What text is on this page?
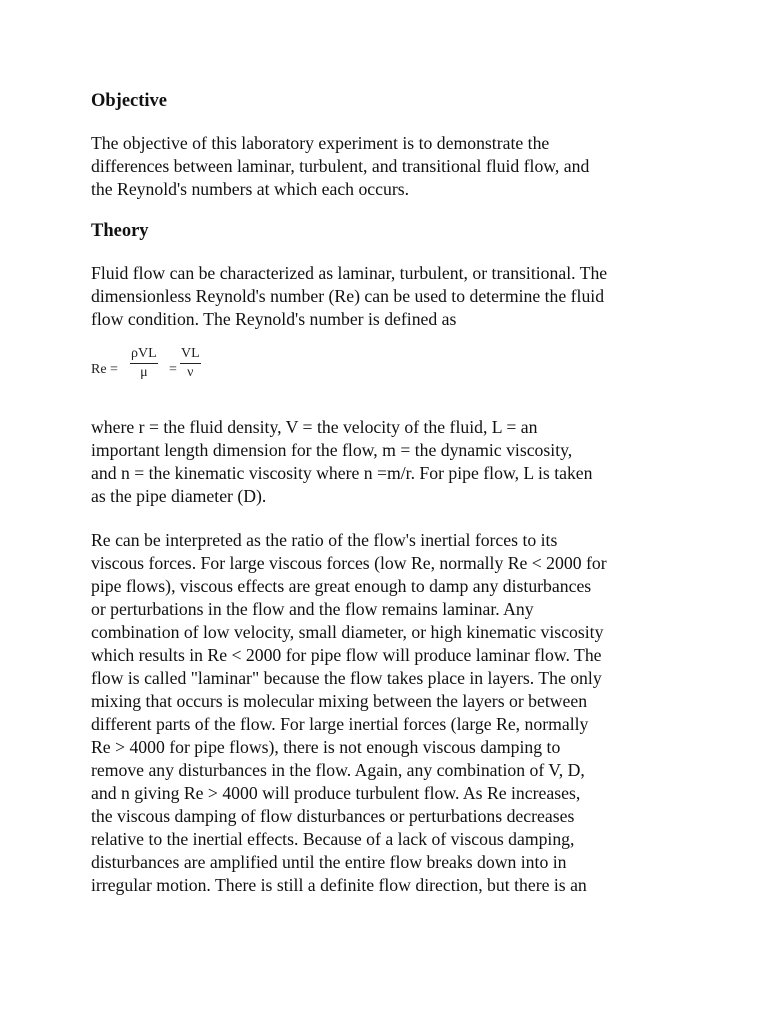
Objective

The objective of this laboratory experiment is to demonstrate the
differences between laminar, turbulent, and transitional fluid flow, and
the Reynold's numbers at which each occurs.

Theory

Fluid flow can be characterized as laminar, turbulent, or transitional. The
dimensionless Reynold's number (Re) can be used to determine the fluid
flow condition. The Reynold's number is defined as

Re =
ρVL
μ	= $\frac{VL}{\nu}$

where r = the fluid density, V = the velocity of the fluid, L = an
important length dimension for the flow, m = the dynamic viscosity,
and n = the kinematic viscosity where n =m/r. For pipe flow, L is taken
as the pipe diameter (D).

Re can be interpreted as the ratio of the flow's inertial forces to its
viscous forces. For large viscous forces (low Re, normally Re < 2000 for
pipe flows), viscous effects are great enough to damp any disturbances
or perturbations in the flow and the flow remains laminar. Any
combination of low velocity, small diameter, or high kinematic viscosity
which results in Re < 2000 for pipe flow will produce laminar flow. The
flow is called "laminar" because the flow takes place in layers. The only
mixing that occurs is molecular mixing between the layers or between
different parts of the flow. For large inertial forces (large Re, normally
Re > 4000 for pipe flows), there is not enough viscous damping to
remove any disturbances in the flow. Again, any combination of V, D,
and n giving Re > 4000 will produce turbulent flow. As Re increases,
the viscous damping of flow disturbances or perturbations decreases
relative to the inertial effects. Because of a lack of viscous damping,
disturbances are amplified until the entire flow breaks down into in
irregular motion. There is still a definite flow direction, but there is an
